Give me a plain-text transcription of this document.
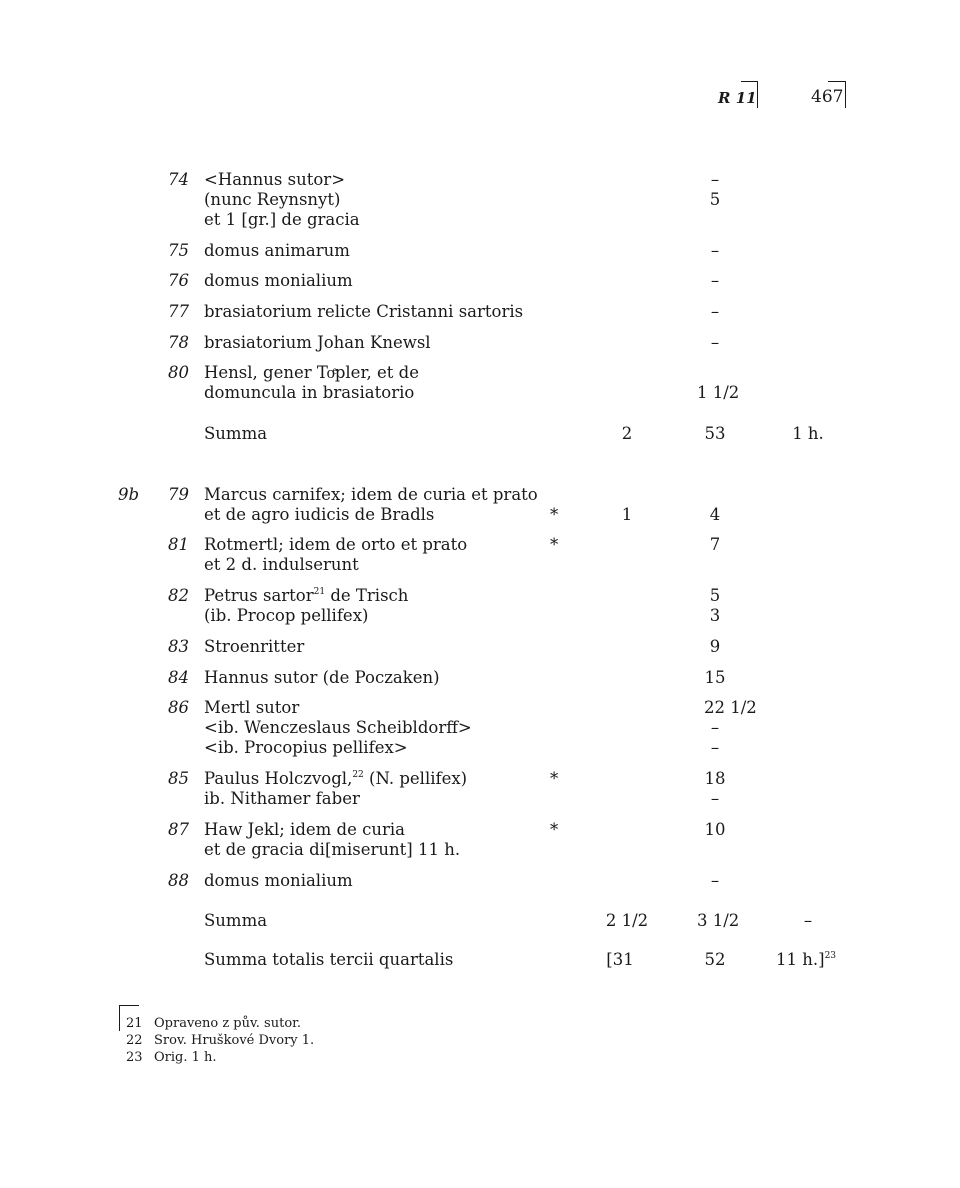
R 11	467
74 <Hannus sutor>	–
(nunc Reynsnyt)	5
et 1 [gr.] de gracia
75 domus animarum	–
76 domus monialium	–
77 brasiatorium relicte Cristanni sartoris	–
78 brasiatorium Johan Knewsl	–
80 Hensl, gener Toͤpler, et de
domuncula in brasiatorio	1 1/2
Summa	2	53	1 h.
9b 79 Marcus carnifex; idem de curia et prato
et de agro iudicis de Bradls	*	1	4
81 Rotmertl; idem de orto et prato	*	7
et 2 d. indulserunt
82 Petrus sartor$^{21}$ de Trisch	5
(ib. Procop pellifex)	3
83 Stroenritter	9
84 Hannus sutor (de Poczaken)	15
86 Mertl sutor	22 1/2
<ib. Wenczeslaus Scheibldorff>	–
<ib. Procopius pellifex>	–
85 Paulus Holczvogl,$^{22}$ (N. pellifex)	*	18
ib. Nithamer faber	–
87 Haw Jekl; idem de curia	*	10
et de gracia di[miserunt] 11 h.
88 domus monialium	–
Summa	2 1/2	3 1/2	–
Summa totalis tercii quartalis	[31	52	11 h.]$^{23}$
21 Opraveno z pův. sutor.
22 Srov. Hruškové Dvory 1.
23 Orig. 1 h.
